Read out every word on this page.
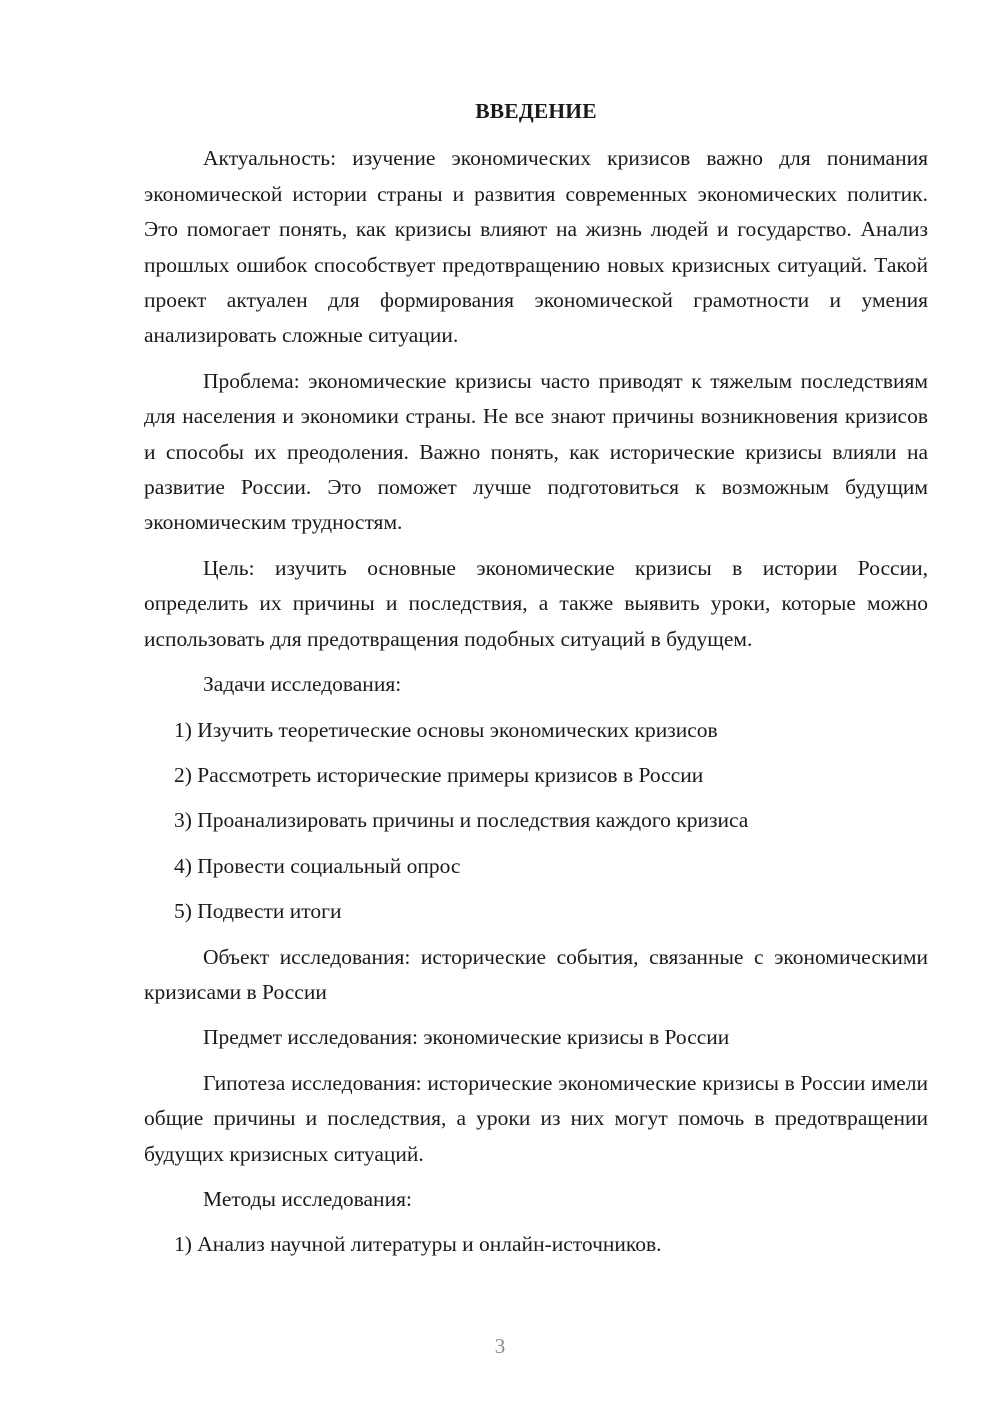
ВВЕДЕНИЕ

Актуальность: изучение экономических кризисов важно для понимания экономической истории страны и развития современных экономических политик. Это помогает понять, как кризисы влияют на жизнь людей и государство. Анализ прошлых ошибок способствует предотвращению новых кризисных ситуаций. Такой проект актуален для формирования экономической грамотности и умения анализировать сложные ситуации.

Проблема: экономические кризисы часто приводят к тяжелым последствиям для населения и экономики страны. Не все знают причины возникновения кризисов и способы их преодоления. Важно понять, как исторические кризисы влияли на развитие России. Это поможет лучше подготовиться к возможным будущим экономическим трудностям.

Цель: изучить основные экономические кризисы в истории России, определить их причины и последствия, а также выявить уроки, которые можно использовать для предотвращения подобных ситуаций в будущем.

Задачи исследования:

1) Изучить теоретические основы экономических кризисов
2) Рассмотреть исторические примеры кризисов в России
3) Проанализировать причины и последствия каждого кризиса
4) Провести социальный опрос
5) Подвести итоги

Объект исследования: исторические события, связанные с экономическими кризисами в России

Предмет исследования: экономические кризисы в России

Гипотеза исследования: исторические экономические кризисы в России имели общие причины и последствия, а уроки из них могут помочь в предотвращении будущих кризисных ситуаций.

Методы исследования:

1) Анализ научной литературы и онлайн-источников.
3
